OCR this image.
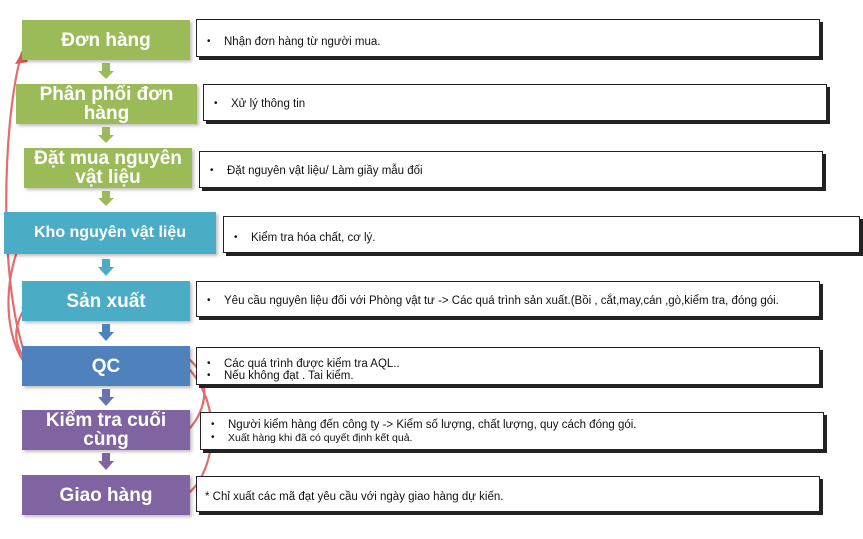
Đơn hàng
Phân phối đơn hàng
Đặt mua nguyên vật liệu
Kho nguyên vật liệu
Sản xuất
QC
Kiểm tra cuối cùng
Giao hàng
• Nhận đơn hàng từ người mua.
• Xử lý thông tin
• Đặt nguyên vật liệu/ Làm giầy mẫu đối
• Kiểm tra hóa chất, cơ lý.
• Yêu cầu nguyên liệu đối với Phòng vật tư -> Các quá trình sản xuất.(Bồi , cắt,may,cán ,gò,kiểm tra, đóng gói.
• Các quá trình được kiểm tra AQL..
• Nếu không đạt . Tai kiểm.
• Người kiểm hàng đến công ty -> Kiểm số lượng, chất lượng, quy cách đóng gói.
• Xuất hàng khi đã có quyết định kết quả.
* Chỉ xuất các mã đạt yêu cầu với ngày giao hàng dự kiến.
